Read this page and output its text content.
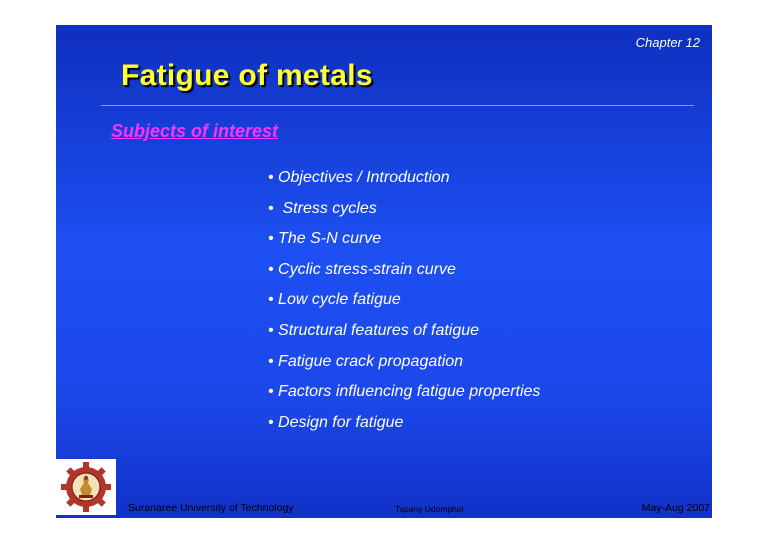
Chapter 12
Fatigue of metals
Subjects of interest
• Objectives / Introduction
•  Stress cycles
• The S-N curve
• Cyclic stress-strain curve
• Low cycle fatigue
• Structural features of fatigue
• Fatigue crack propagation
• Factors influencing fatigue properties
• Design for fatigue
Suranaree University of Technology	Tapany Udomphol	May-Aug 2007
